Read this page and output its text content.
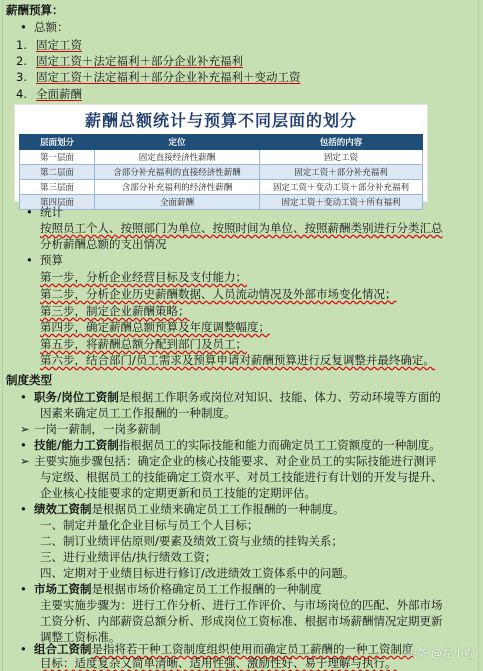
薪酬预算：
• 总额：
1. 固定工资
2. 固定工资＋法定福利＋部分企业补充福利
3. 固定工资＋法定福利＋部分企业补充福利＋变动工资
4. 全面薪酬
薪酬总额统计与预算不同层面的划分
层面划分	定位	包括的内容
第一层面	固定直接经济性薪酬	固定工资
第二层面	含部分补充福利的直接经济性薪酬	固定工资＋部分补充福利
第三层面	含部分补充福利的经济性薪酬	固定工资＋变动工资＋部分补充福利
第四层面	全面薪酬	固定工资＋变动工资＋所有福利
• 统计
按照员工个人、按照部门为单位、按照时间为单位、按照薪酬类别进行分类汇总
分析薪酬总额的支出情况
• 预算
第一步，分析企业经营目标及支付能力；
第二步，分析企业历史薪酬数据、人员流动情况及外部市场变化情况；
第三步，制定企业薪酬策略；
第四步，确定薪酬总额预算及年度调整幅度；
第五步，将薪酬总额分配到部门及员工；
第六步，结合部门/员工需求及预算申请对薪酬预算进行反复调整并最终确定。
制度类型
• 职务/岗位工资制是根据工作职务或岗位对知识、技能、体力、劳动环境等方面的
因素来确定员工工作报酬的一种制度。
➢ 一岗一薪制，一岗多薪制
• 技能/能力工资制指根据员工的实际技能和能力而确定员工工资额度的一种制度。
➢ 主要实施步骤包括：确定企业的核心技能要求、对企业员工的实际技能进行测评
与定级、根据员工的技能确定工资水平、对员工技能进行有计划的开发与提升、
企业核心技能要求的定期更新和员工技能的定期评估。
• 绩效工资制是根据员工业绩来确定员工工作报酬的一种制度。
一、制定并量化企业目标与员工个人目标；
二、制订业绩评估原则/要素及绩效工资与业绩的挂钩关系；
三、进行业绩评估/执行绩效工资；
四、定期对于业绩目标进行修订/改进绩效工资体系中的问题。
• 市场工资制是根据市场价格确定员工工作报酬的一种制度
主要实施步骤为：进行工作分析、进行工作评价、与市场岗位的匹配、外部市场
工资分析、内部薪资总额分析、形成岗位工资标准、根据市场薪酬情况定期更新
调整工资标准。
• 组合工资制是指将若干种工资制度组织使用而确定员工薪酬的一种工资制度
目标：适度复杂又简单清晰、适用性强、激励性好、易于理解与执行。
头条 @左小啦
